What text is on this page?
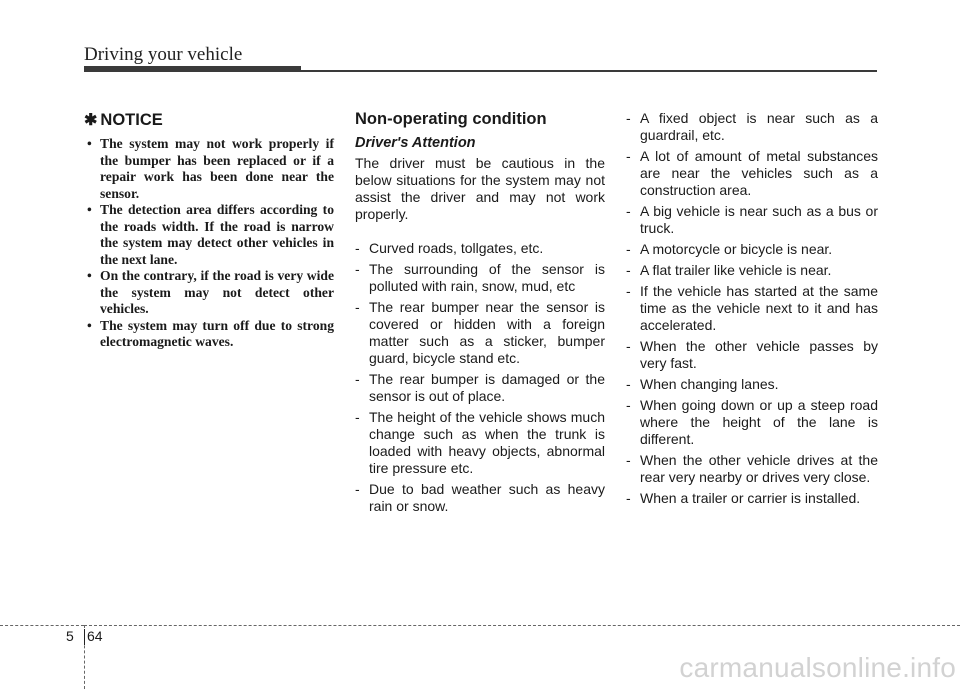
Driving your vehicle
✱ NOTICE
• The system may not work properly if the bumper has been replaced or if a repair work has been done near the sensor.
• The detection area differs according to the roads width. If the road is narrow the system may detect other vehicles in the next lane.
• On the contrary, if the road is very wide the system may not detect other vehicles.
• The system may turn off due to strong electromagnetic waves.
Non-operating condition
Driver's Attention

The driver must be cautious in the below situations for the system may not assist the driver and may not work properly.

- Curved roads, tollgates, etc.
- The surrounding of the sensor is polluted with rain, snow, mud, etc
- The rear bumper near the sensor is covered or hidden with a foreign matter such as a sticker, bumper guard, bicycle stand etc.
- The rear bumper is damaged or the sensor is out of place.
- The height of the vehicle shows much change such as when the trunk is loaded with heavy objects, abnormal tire pressure etc.
- Due to bad weather such as heavy rain or snow.
- A fixed object is near such as a guardrail, etc.
- A lot of amount of metal substances are near the vehicles such as a construction area.
- A big vehicle is near such as a bus or truck.
- A motorcycle or bicycle is near.
- A flat trailer like vehicle is near.
- If the vehicle has started at the same time as the vehicle next to it and has accelerated.
- When the other vehicle passes by very fast.
- When changing lanes.
- When going down or up a steep road where the height of the lane is different.
- When the other vehicle drives at the rear very nearby or drives very close.
- When a trailer or carrier is installed.
5 64
carmanualsonline.info
